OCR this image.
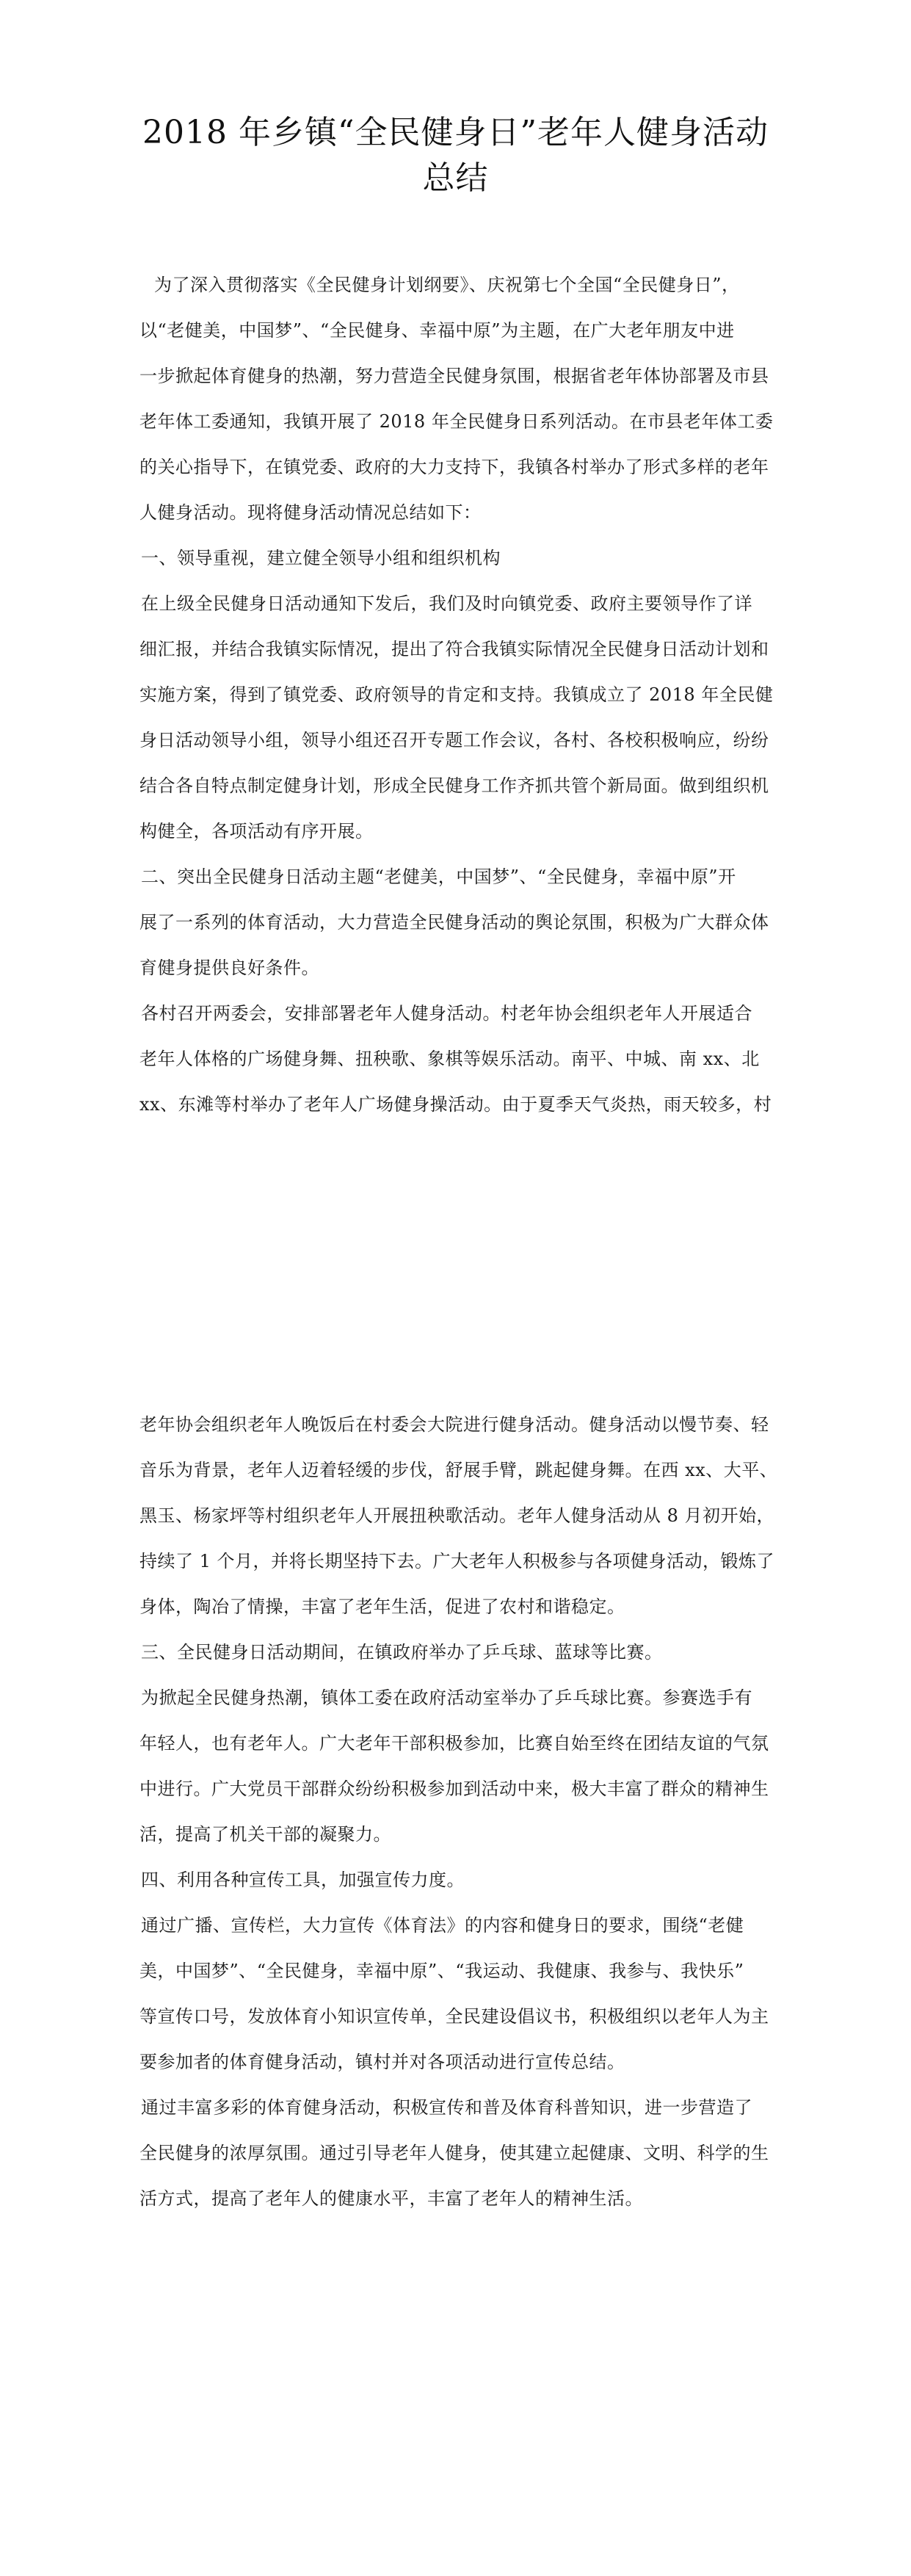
2018 年乡镇“全民健身日”老年人健身活动
总结
为了深入贯彻落实《全民健身计划纲要》、庆祝第七个全国“全民健身日”，
以“老健美，中国梦”、“全民健身、幸福中原”为主题，在广大老年朋友中进
一步掀起体育健身的热潮，努力营造全民健身氛围，根据省老年体协部署及市县
老年体工委通知，我镇开展了 2018 年全民健身日系列活动。在市县老年体工委
的关心指导下，在镇党委、政府的大力支持下，我镇各村举办了形式多样的老年
人健身活动。现将健身活动情况总结如下：
一、领导重视，建立健全领导小组和组织机构
在上级全民健身日活动通知下发后，我们及时向镇党委、政府主要领导作了详
细汇报，并结合我镇实际情况，提出了符合我镇实际情况全民健身日活动计划和
实施方案，得到了镇党委、政府领导的肯定和支持。我镇成立了 2018 年全民健
身日活动领导小组，领导小组还召开专题工作会议，各村、各校积极响应，纷纷
结合各自特点制定健身计划，形成全民健身工作齐抓共管个新局面。做到组织机
构健全，各项活动有序开展。
二、突出全民健身日活动主题“老健美，中国梦”、“全民健身，幸福中原”开
展了一系列的体育活动，大力营造全民健身活动的舆论氛围，积极为广大群众体
育健身提供良好条件。
各村召开两委会，安排部署老年人健身活动。村老年协会组织老年人开展适合
老年人体格的广场健身舞、扭秧歌、象棋等娱乐活动。南平、中城、南 xx、北
xx、东滩等村举办了老年人广场健身操活动。由于夏季天气炎热，雨天较多，村
老年协会组织老年人晚饭后在村委会大院进行健身活动。健身活动以慢节奏、轻
音乐为背景，老年人迈着轻缓的步伐，舒展手臂，跳起健身舞。在西 xx、大平、
黑玉、杨家坪等村组织老年人开展扭秧歌活动。老年人健身活动从 8 月初开始，
持续了 1 个月，并将长期坚持下去。广大老年人积极参与各项健身活动，锻炼了
身体，陶冶了情操，丰富了老年生活，促进了农村和谐稳定。
三、全民健身日活动期间，在镇政府举办了乒乓球、蓝球等比赛。
为掀起全民健身热潮，镇体工委在政府活动室举办了乒乓球比赛。参赛选手有
年轻人，也有老年人。广大老年干部积极参加，比赛自始至终在团结友谊的气氛
中进行。广大党员干部群众纷纷积极参加到活动中来，极大丰富了群众的精神生
活，提高了机关干部的凝聚力。
四、利用各种宣传工具，加强宣传力度。
通过广播、宣传栏，大力宣传《体育法》的内容和健身日的要求，围绕“老健
美，中国梦”、“全民健身，幸福中原”、“我运动、我健康、我参与、我快乐”
等宣传口号，发放体育小知识宣传单，全民建设倡议书，积极组织以老年人为主
要参加者的体育健身活动，镇村并对各项活动进行宣传总结。
通过丰富多彩的体育健身活动，积极宣传和普及体育科普知识，进一步营造了
全民健身的浓厚氛围。通过引导老年人健身，使其建立起健康、文明、科学的生
活方式，提高了老年人的健康水平，丰富了老年人的精神生活。
